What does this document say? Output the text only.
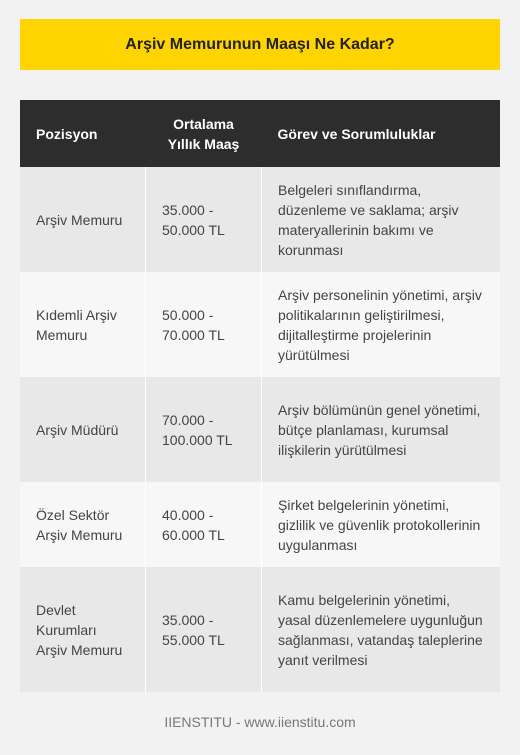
Arşiv Memurunun Maaşı Ne Kadar?
Pozisyon	Ortalama Yıllık Maaş	Görev ve Sorumluluklar
Arşiv Memuru	35.000 - 50.000 TL	Belgeleri sınıflandırma, düzenleme ve saklama; arşiv materyallerinin bakımı ve korunması
Kıdemli Arşiv Memuru	50.000 - 70.000 TL	Arşiv personelinin yönetimi, arşiv politikalarının geliştirilmesi, dijitalleştirme projelerinin yürütülmesi
Arşiv Müdürü	70.000 - 100.000 TL	Arşiv bölümünün genel yönetimi, bütçe planlaması, kurumsal ilişkilerin yürütülmesi
Özel Sektör Arşiv Memuru	40.000 - 60.000 TL	Şirket belgelerinin yönetimi, gizlilik ve güvenlik protokollerinin uygulanması
Devlet Kurumları Arşiv Memuru	35.000 - 55.000 TL	Kamu belgelerinin yönetimi, yasal düzenlemelere uygunluğun sağlanması, vatandaş taleplerine yanıt verilmesi
IIENSTITU - www.iienstitu.com
